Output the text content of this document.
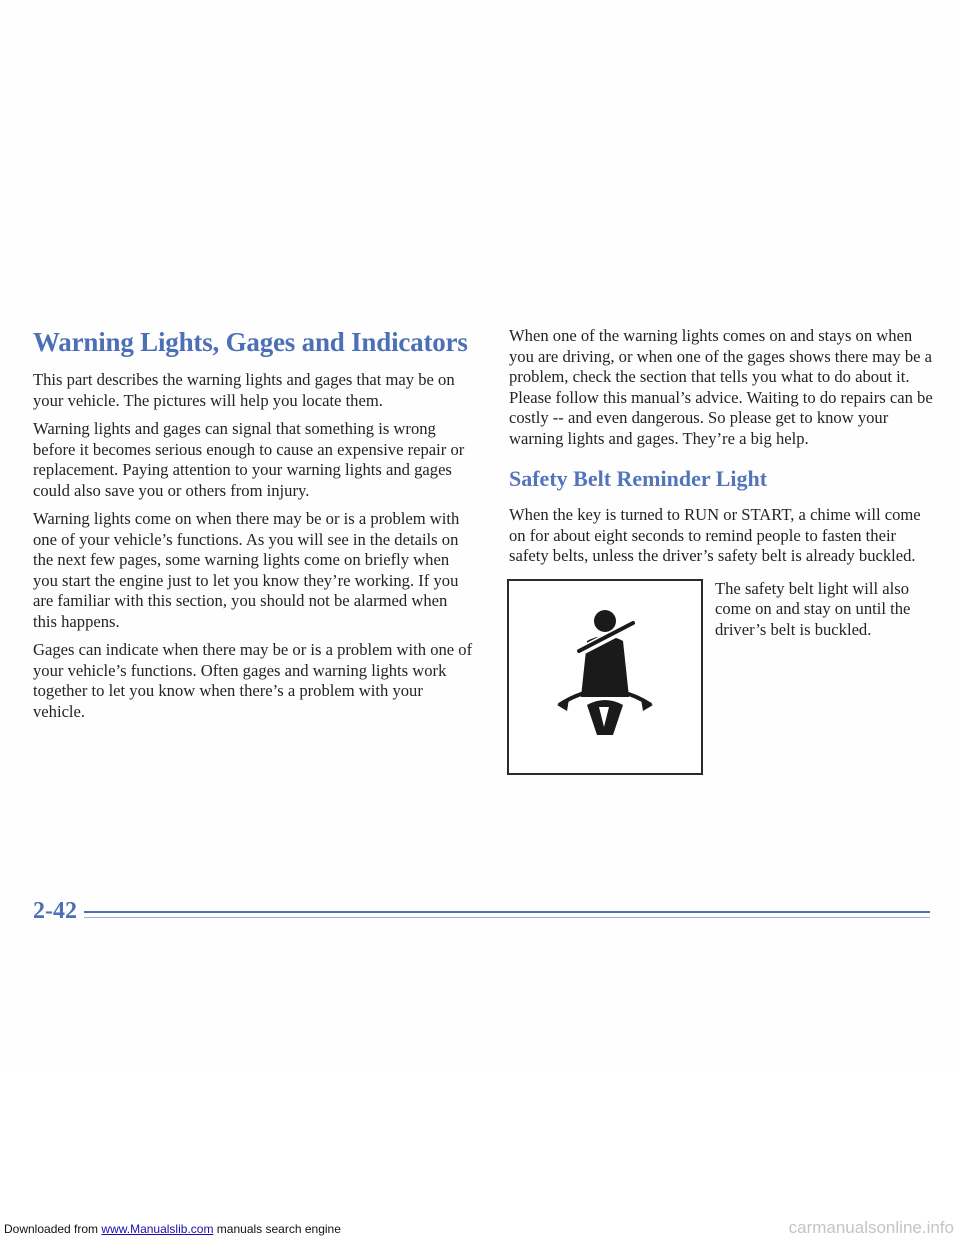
Warning Lights, Gages and Indicators

This part describes the warning lights and gages that may be on your vehicle. The pictures will help you locate them.

Warning lights and gages can signal that something is wrong before it becomes serious enough to cause an expensive repair or replacement. Paying attention to your warning lights and gages could also save you or others from injury.

Warning lights come on when there may be or is a problem with one of your vehicle’s functions. As you will see in the details on the next few pages, some warning lights come on briefly when you start the engine just to let you know they’re working. If you are familiar with this section, you should not be alarmed when this happens.

Gages can indicate when there may be or is a problem with one of your vehicle’s functions. Often gages and warning lights work together to let you know when there’s a problem with your vehicle.

When one of the warning lights comes on and stays on when you are driving, or when one of the gages shows there may be a problem, check the section that tells you what to do about it. Please follow this manual’s advice. Waiting to do repairs can be costly -- and even dangerous. So please get to know your warning lights and gages. They’re a big help.

Safety Belt Reminder Light

When the key is turned to RUN or START, a chime will come on for about eight seconds to remind people to fasten their safety belts, unless the driver’s safety belt is already buckled.

The safety belt light will also come on and stay on until the driver’s belt is buckled.

2-42
Downloaded from www.Manualslib.com manuals search engine	carmanualsonline.info
